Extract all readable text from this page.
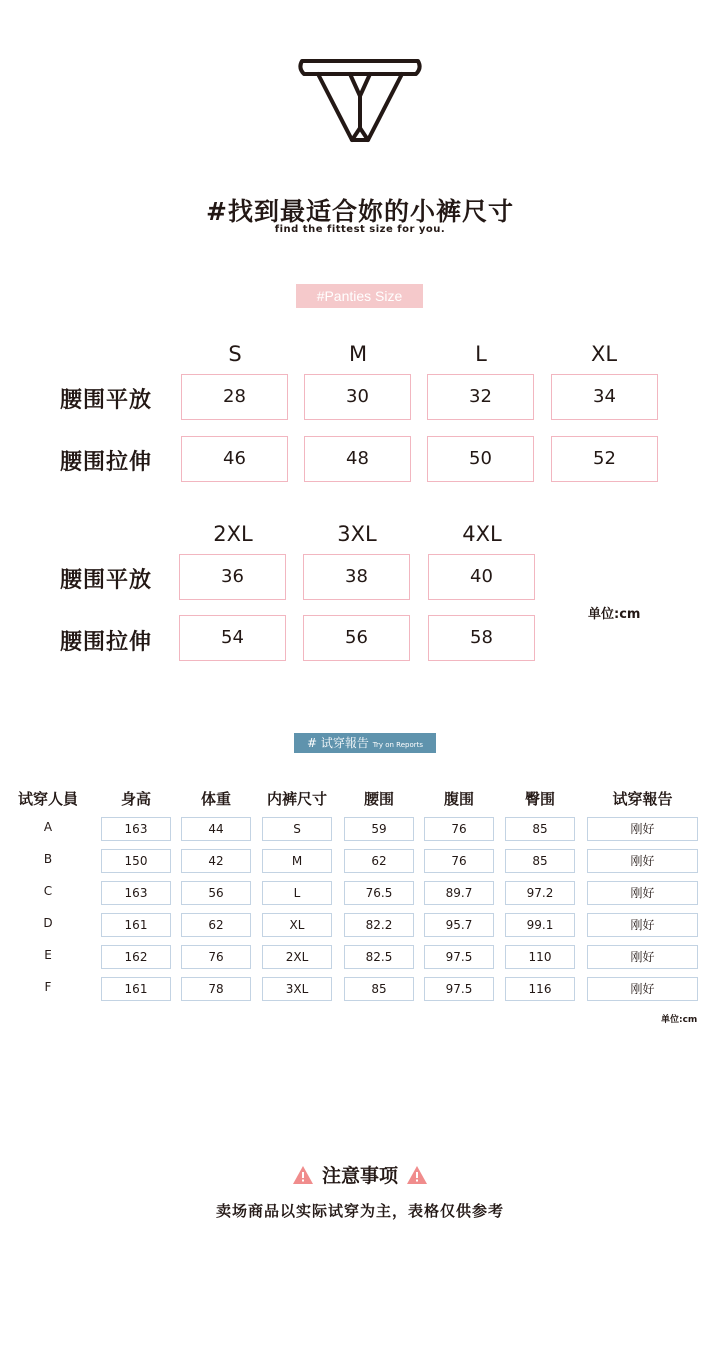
#找到最适合妳的小裤尺寸
find the fittest size for you.
#Panties Size
S	M	L	XL
腰围平放	28	30	32	34
腰围拉伸	46	48	50	52
2XL	3XL	4XL
腰围平放	36	38	40
腰围拉伸	54	56	58
单位:cm
# 试穿報告 Try on Reports
试穿人員	身高	体重	内裤尺寸	腰围	腹围	臀围	试穿報告
A	163	44	S	59	76	85	刚好
B	150	42	M	62	76	85	刚好
C	163	56	L	76.5	89.7	97.2	刚好
D	161	62	XL	82.2	95.7	99.1	刚好
E	162	76	2XL	82.5	97.5	110	刚好
F	161	78	3XL	85	97.5	116	刚好
单位:cm
注意事项
卖场商品以实际试穿为主，表格仅供参考
